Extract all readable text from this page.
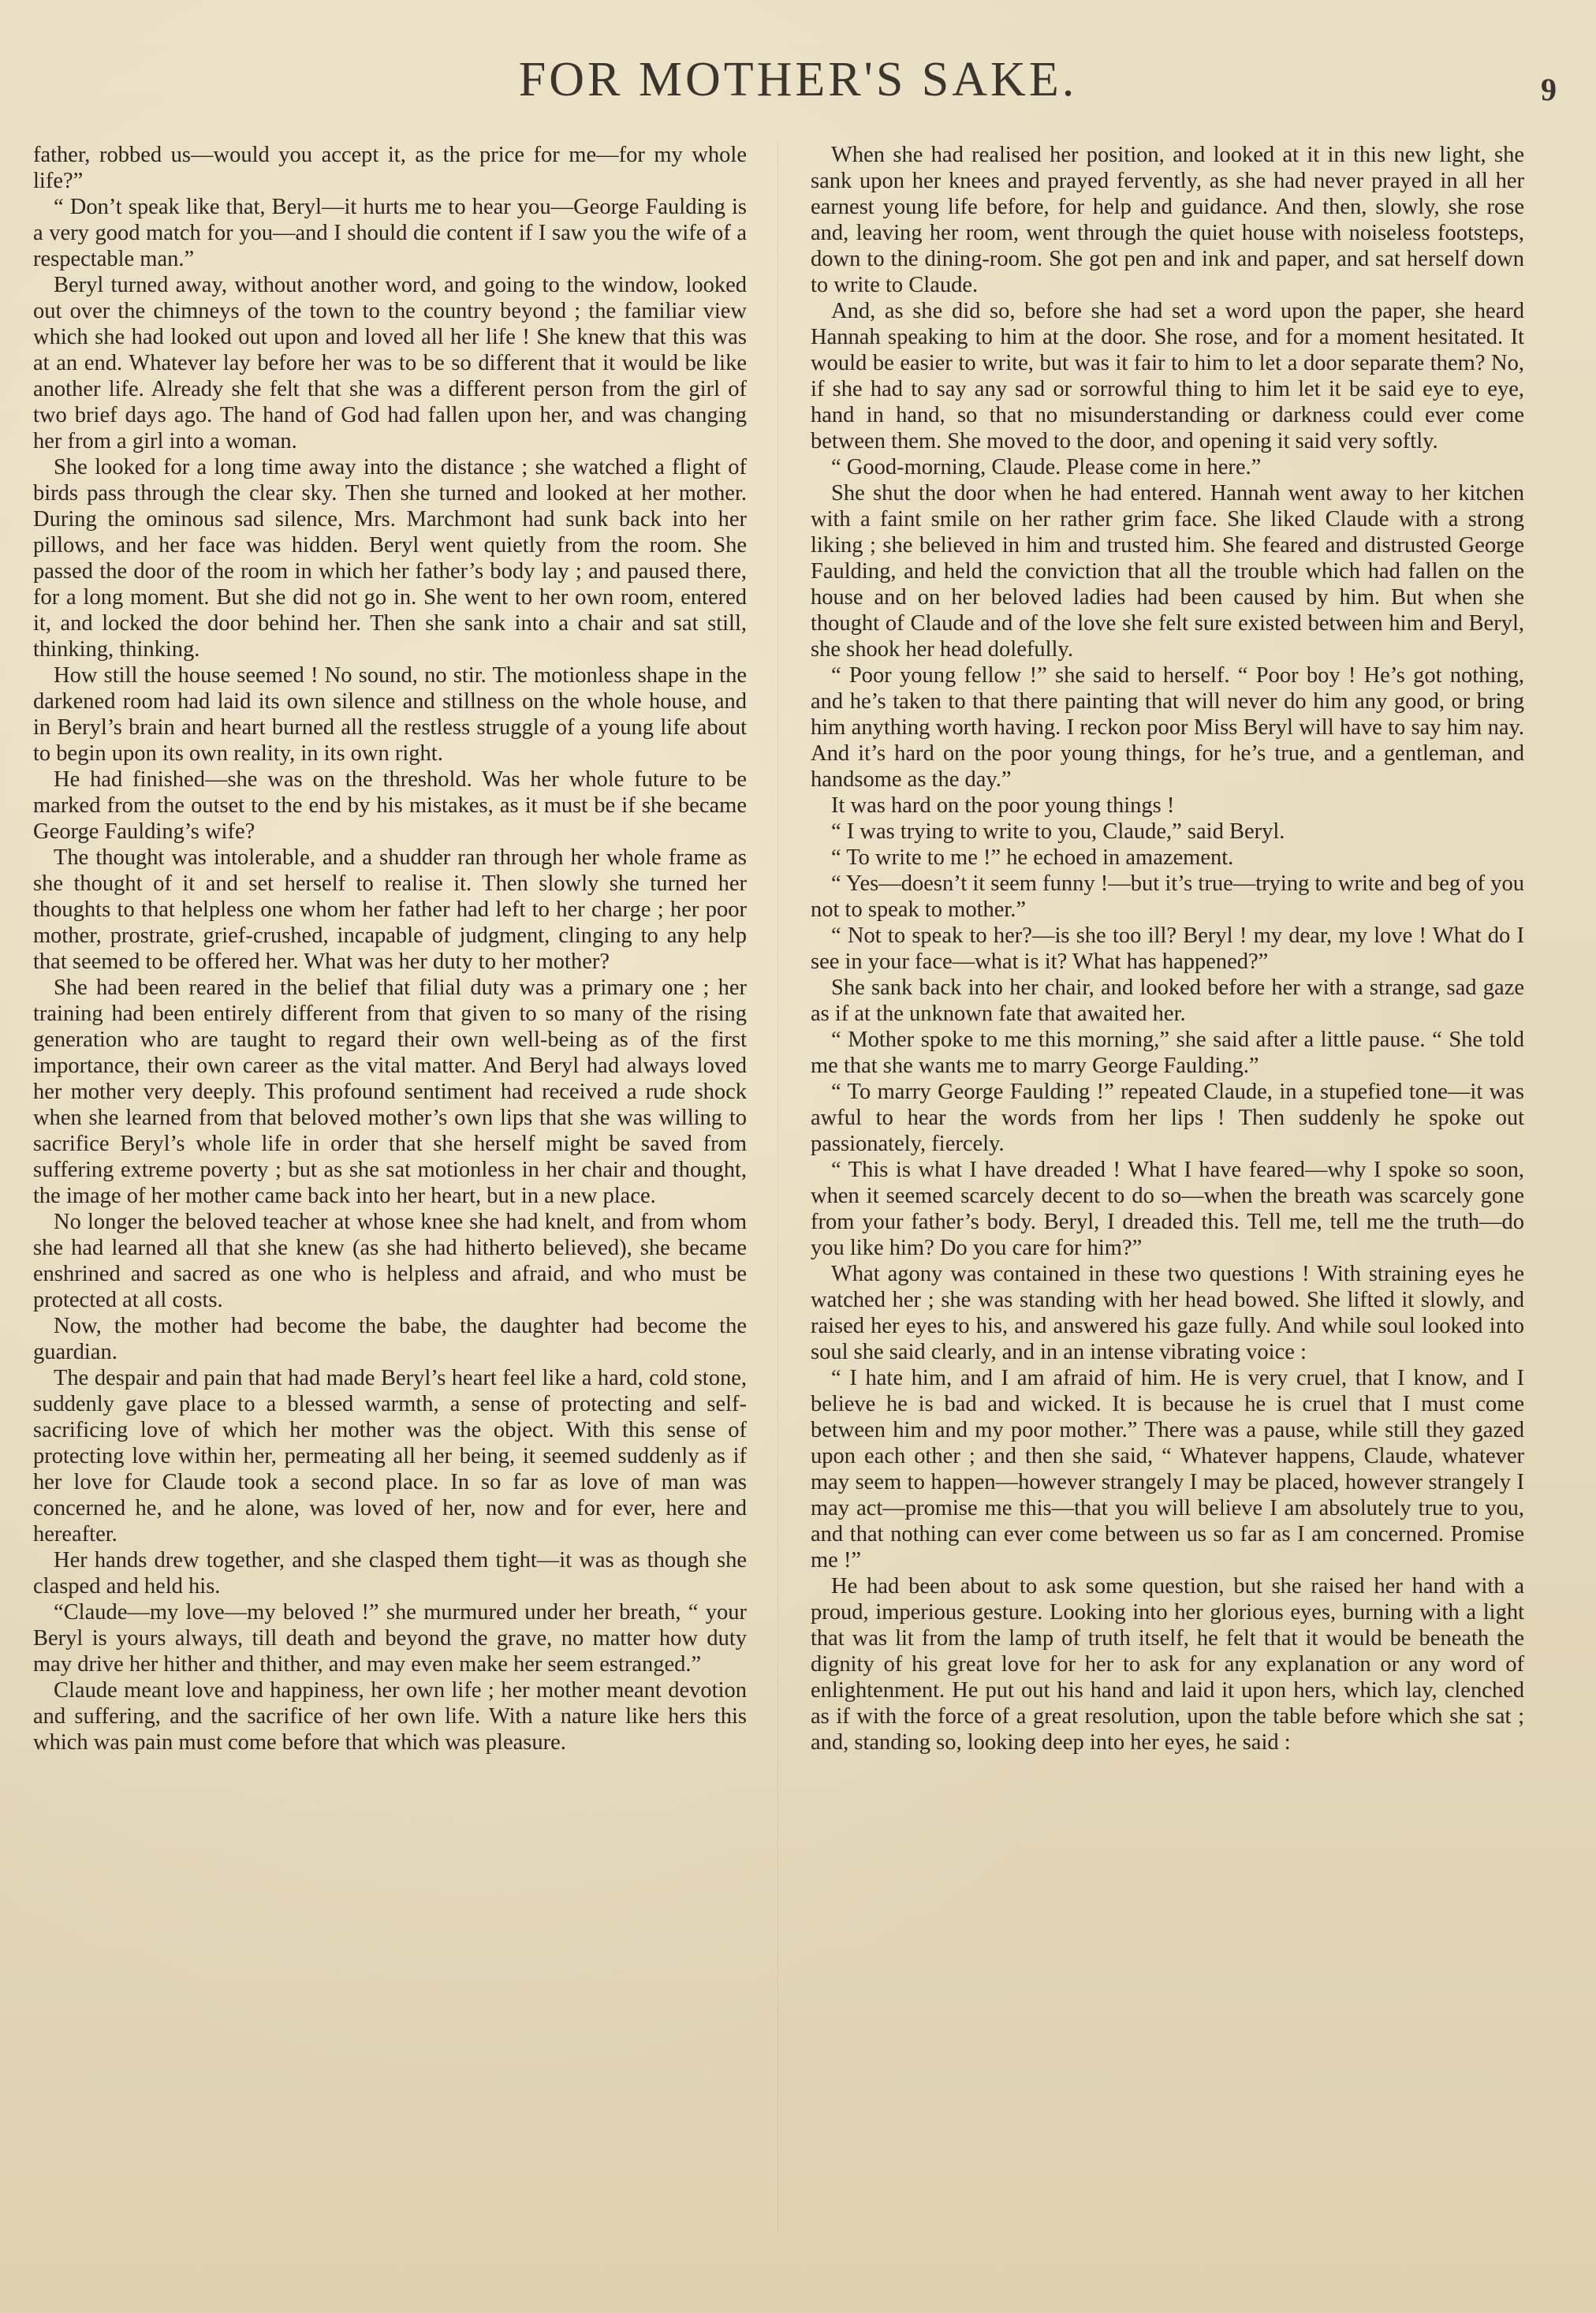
FOR MOTHER'S SAKE.	9

father, robbed us—would you accept it, as the price for me—for my whole life?”

“ Don’t speak like that, Beryl—it hurts me to hear you—George Faulding is a very good match for you—and I should die content if I saw you the wife of a respectable man.”

Beryl turned away, without another word, and going to the window, looked out over the chimneys of the town to the country beyond ; the familiar view which she had looked out upon and loved all her life ! She knew that this was at an end. Whatever lay before her was to be so different that it would be like another life. Already she felt that she was a different person from the girl of two brief days ago. The hand of God had fallen upon her, and was changing her from a girl into a woman.

She looked for a long time away into the distance ; she watched a flight of birds pass through the clear sky. Then she turned and looked at her mother. During the ominous sad silence, Mrs. Marchmont had sunk back into her pillows, and her face was hidden. Beryl went quietly from the room. She passed the door of the room in which her father’s body lay ; and paused there, for a long moment. But she did not go in. She went to her own room, entered it, and locked the door behind her. Then she sank into a chair and sat still, thinking, thinking.

How still the house seemed ! No sound, no stir. The motionless shape in the darkened room had laid its own silence and stillness on the whole house, and in Beryl’s brain and heart burned all the restless struggle of a young life about to begin upon its own reality, in its own right.

He had finished—she was on the threshold. Was her whole future to be marked from the outset to the end by his mistakes, as it must be if she became George Faulding’s wife?

The thought was intolerable, and a shudder ran through her whole frame as she thought of it and set herself to realise it. Then slowly she turned her thoughts to that helpless one whom her father had left to her charge ; her poor mother, prostrate, grief-crushed, incapable of judgment, clinging to any help that seemed to be offered her. What was her duty to her mother?

She had been reared in the belief that filial duty was a primary one ; her training had been entirely different from that given to so many of the rising generation who are taught to regard their own well-being as of the first importance, their own career as the vital matter. And Beryl had always loved her mother very deeply. This profound sentiment had received a rude shock when she learned from that beloved mother’s own lips that she was willing to sacrifice Beryl’s whole life in order that she herself might be saved from suffering extreme poverty ; but as she sat motionless in her chair and thought, the image of her mother came back into her heart, but in a new place.

No longer the beloved teacher at whose knee she had knelt, and from whom she had learned all that she knew (as she had hitherto believed), she became enshrined and sacred as one who is helpless and afraid, and who must be protected at all costs.

Now, the mother had become the babe, the daughter had become the guardian.

The despair and pain that had made Beryl’s heart feel like a hard, cold stone, suddenly gave place to a blessed warmth, a sense of protecting and self-sacrificing love of which her mother was the object. With this sense of protecting love within her, permeating all her being, it seemed suddenly as if her love for Claude took a second place. In so far as love of man was concerned he, and he alone, was loved of her, now and for ever, here and hereafter.

Her hands drew together, and she clasped them tight—it was as though she clasped and held his.

“Claude—my love—my beloved !” she murmured under her breath, “ your Beryl is yours always, till death and beyond the grave, no matter how duty may drive her hither and thither, and may even make her seem estranged.”

Claude meant love and happiness, her own life ; her mother meant devotion and suffering, and the sacrifice of her own life. With a nature like hers this which was pain must come before that which was pleasure.

When she had realised her position, and looked at it in this new light, she sank upon her knees and prayed fervently, as she had never prayed in all her earnest young life before, for help and guidance. And then, slowly, she rose and, leaving her room, went through the quiet house with noiseless footsteps, down to the dining-room. She got pen and ink and paper, and sat herself down to write to Claude.

And, as she did so, before she had set a word upon the paper, she heard Hannah speaking to him at the door. She rose, and for a moment hesitated. It would be easier to write, but was it fair to him to let a door separate them? No, if she had to say any sad or sorrowful thing to him let it be said eye to eye, hand in hand, so that no misunderstanding or darkness could ever come between them. She moved to the door, and opening it said very softly.

“ Good-morning, Claude. Please come in here.”

She shut the door when he had entered. Hannah went away to her kitchen with a faint smile on her rather grim face. She liked Claude with a strong liking ; she believed in him and trusted him. She feared and distrusted George Faulding, and held the conviction that all the trouble which had fallen on the house and on her beloved ladies had been caused by him. But when she thought of Claude and of the love she felt sure existed between him and Beryl, she shook her head dolefully.

“ Poor young fellow !” she said to herself. “ Poor boy ! He’s got nothing, and he’s taken to that there painting that will never do him any good, or bring him anything worth having. I reckon poor Miss Beryl will have to say him nay. And it’s hard on the poor young things, for he’s true, and a gentleman, and handsome as the day.”

It was hard on the poor young things !

“ I was trying to write to you, Claude,” said Beryl.

“ To write to me !” he echoed in amazement.

“ Yes—doesn’t it seem funny !—but it’s true—trying to write and beg of you not to speak to mother.”

“ Not to speak to her?—is she too ill? Beryl ! my dear, my love ! What do I see in your face—what is it? What has happened?”

She sank back into her chair, and looked before her with a strange, sad gaze as if at the unknown fate that awaited her.

“ Mother spoke to me this morning,” she said after a little pause. “ She told me that she wants me to marry George Faulding.”

“ To marry George Faulding !” repeated Claude, in a stupefied tone—it was awful to hear the words from her lips ! Then suddenly he spoke out passionately, fiercely.

“ This is what I have dreaded ! What I have feared—why I spoke so soon, when it seemed scarcely decent to do so—when the breath was scarcely gone from your father’s body. Beryl, I dreaded this. Tell me, tell me the truth—do you like him? Do you care for him?”

What agony was contained in these two questions ! With straining eyes he watched her ; she was standing with her head bowed. She lifted it slowly, and raised her eyes to his, and answered his gaze fully. And while soul looked into soul she said clearly, and in an intense vibrating voice :

“ I hate him, and I am afraid of him. He is very cruel, that I know, and I believe he is bad and wicked. It is because he is cruel that I must come between him and my poor mother.” There was a pause, while still they gazed upon each other ; and then she said, “ Whatever happens, Claude, whatever may seem to happen—however strangely I may be placed, however strangely I may act—promise me this—that you will believe I am absolutely true to you, and that nothing can ever come between us so far as I am concerned. Promise me !”

He had been about to ask some question, but she raised her hand with a proud, imperious gesture. Looking into her glorious eyes, burning with a light that was lit from the lamp of truth itself, he felt that it would be beneath the dignity of his great love for her to ask for any explanation or any word of enlightenment. He put out his hand and laid it upon hers, which lay, clenched as if with the force of a great resolution, upon the table before which she sat ; and, standing so, looking deep into her eyes, he said :
